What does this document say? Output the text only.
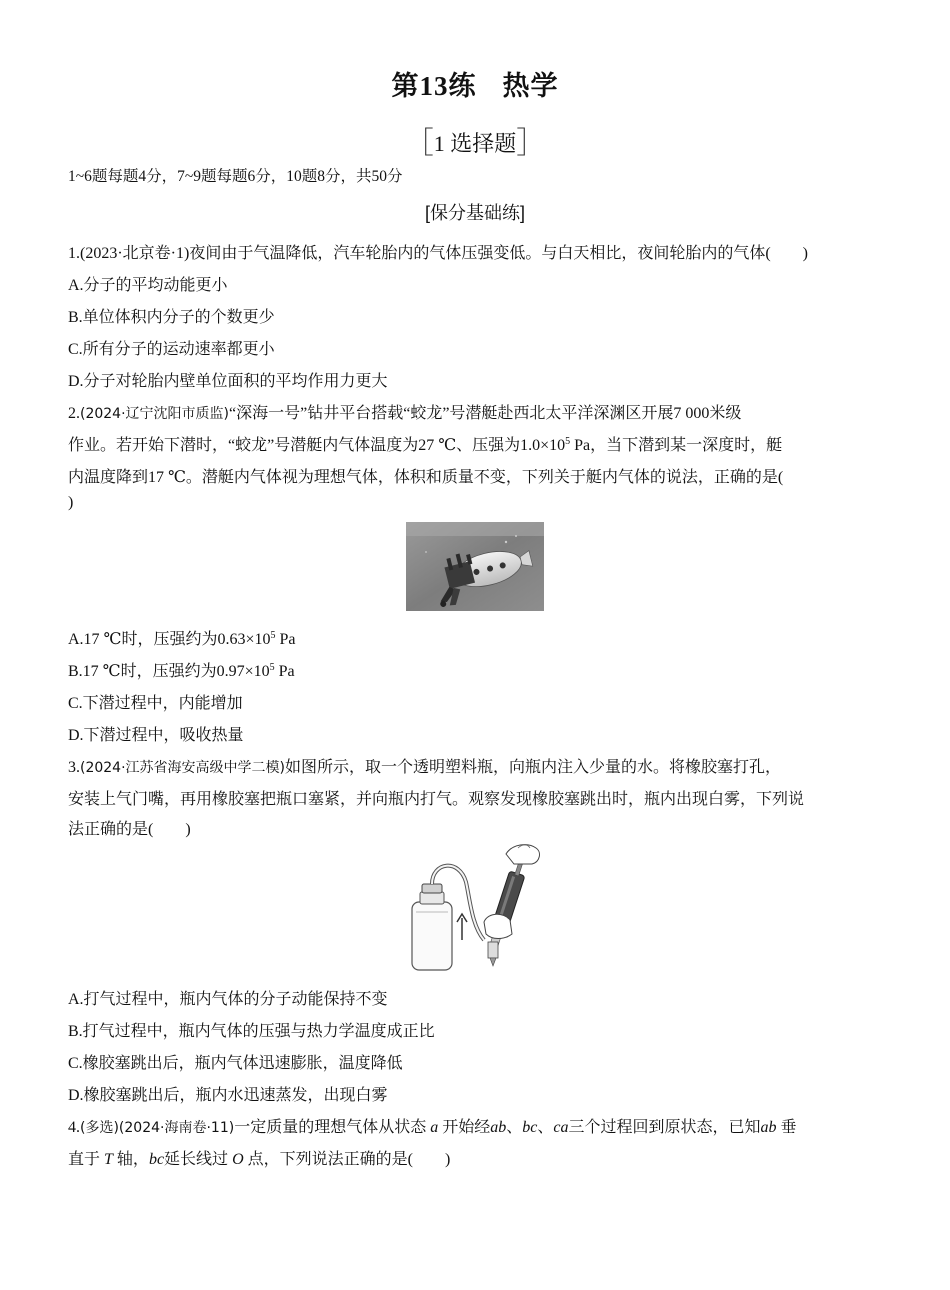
第13练 热学
［1 选择题］
1~6题每题4分，7~9题每题6分，10题8分，共50分
[保分基础练]
1.(2023·北京卷·1)夜间由于气温降低，汽车轮胎内的气体压强变低。与白天相比，夜间轮胎内的气体(　　)
A.分子的平均动能更小
B.单位体积内分子的个数更少
C.所有分子的运动速率都更小
D.分子对轮胎内壁单位面积的平均作用力更大
2.(2024·辽宁沈阳市质监)“深海一号”钻井平台搭载“蛟龙”号潜艇赴西北太平洋深渊区开展7 000米级
作业。若开始下潜时，“蛟龙”号潜艇内气体温度为27 ℃、压强为$1.0\times 10^5$ Pa，当下潜到某一深度时，艇
内温度降到17 ℃。潜艇内气体视为理想气体，体积和质量不变，下列关于艇内气体的说法，正确的是(
)
A.17 ℃时，压强约为$0.63\times 10^5$ Pa
B.17 ℃时，压强约为$0.97\times 10^5$ Pa
C.下潜过程中，内能增加
D.下潜过程中，吸收热量
3.(2024·江苏省海安高级中学二模)如图所示，取一个透明塑料瓶，向瓶内注入少量的水。将橡胶塞打孔，
安装上气门嘴，再用橡胶塞把瓶口塞紧，并向瓶内打气。观察发现橡胶塞跳出时，瓶内出现白雾，下列说
法正确的是(　　)
A.打气过程中，瓶内气体的分子动能保持不变
B.打气过程中，瓶内气体的压强与热力学温度成正比
C.橡胶塞跳出后，瓶内气体迅速膨胀，温度降低
D.橡胶塞跳出后，瓶内水迅速蒸发，出现白雾
4.(多选)(2024·海南卷·11)一定质量的理想气体从状态 a 开始经ab、bc、ca三个过程回到原状态，已知ab 垂
直于 T 轴，bc延长线过 O 点，下列说法正确的是(　　)
